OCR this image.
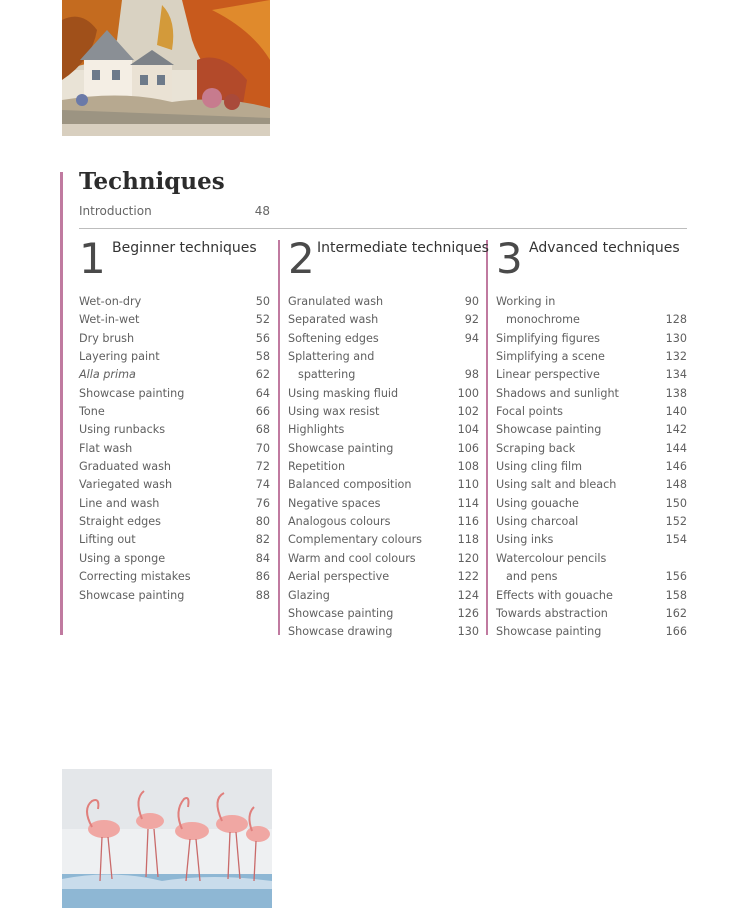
Techniques
Introduction	48
1 Beginner techniques
Wet-on-dry	50
Wet-in-wet	52
Dry brush	56
Layering paint	58
Alla prima	62
Showcase painting	64
Tone	66
Using runbacks	68
Flat wash	70
Graduated wash	72
Variegated wash	74
Line and wash	76
Straight edges	80
Lifting out	82
Using a sponge	84
Correcting mistakes	86
Showcase painting	88
2 Intermediate techniques
Granulated wash	90
Separated wash	92
Softening edges	94
Splattering and
spattering	98
Using masking fluid	100
Using wax resist	102
Highlights	104
Showcase painting	106
Repetition	108
Balanced composition	110
Negative spaces	114
Analogous colours	116
Complementary colours	118
Warm and cool colours	120
Aerial perspective	122
Glazing	124
Showcase painting	126
Showcase drawing	130
3 Advanced techniques
Working in
monochrome	128
Simplifying figures	130
Simplifying a scene	132
Linear perspective	134
Shadows and sunlight	138
Focal points	140
Showcase painting	142
Scraping back	144
Using cling film	146
Using salt and bleach	148
Using gouache	150
Using charcoal	152
Using inks	154
Watercolour pencils
and pens	156
Effects with gouache	158
Towards abstraction	162
Showcase painting	166
